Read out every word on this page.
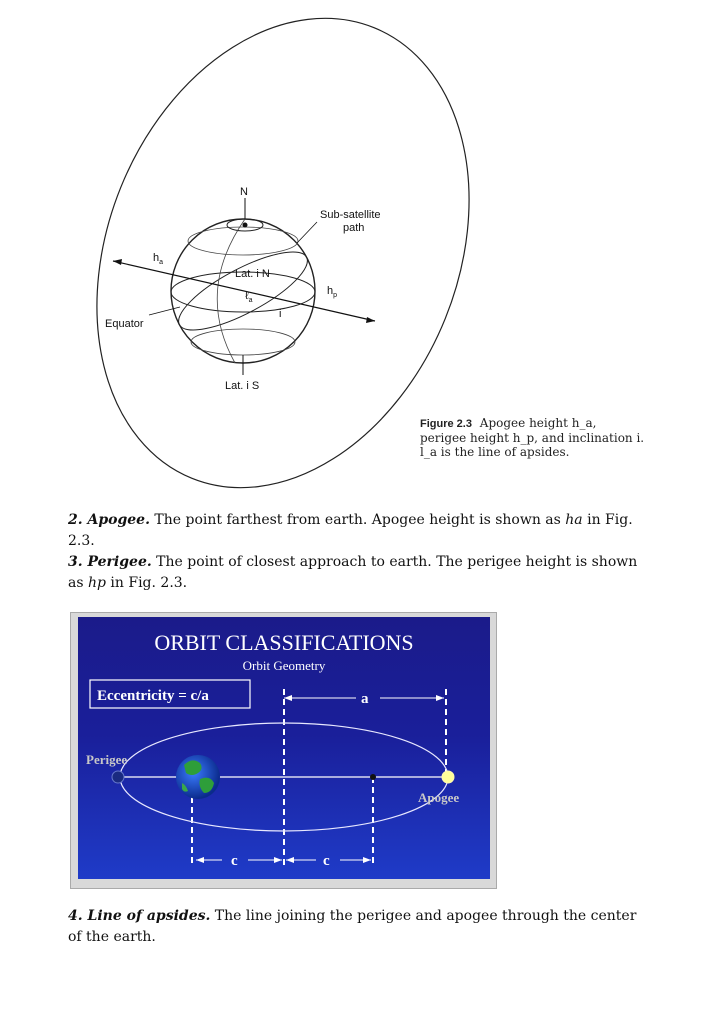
N
Sub-satellite
path
$h_a$
Lat. i N
ℓ$_a$
$h_p$
Equator
i
Lat. i S
Figure 2.3 Apogee height h_a,
perigee height h_p, and inclination i.
l_a is the line of apsides.
2. Apogee. The point farthest from earth. Apogee height is shown as ha in Fig. 2.3.
3. Perigee. The point of closest approach to earth. The perigee height is shown as hp in Fig. 2.3.
ORBIT CLASSIFICATIONS
Orbit Geometry
Eccentricity = c/a	a
Perigee
Apogee
c	c
4. Line of apsides. The line joining the perigee and apogee through the center of the earth.
